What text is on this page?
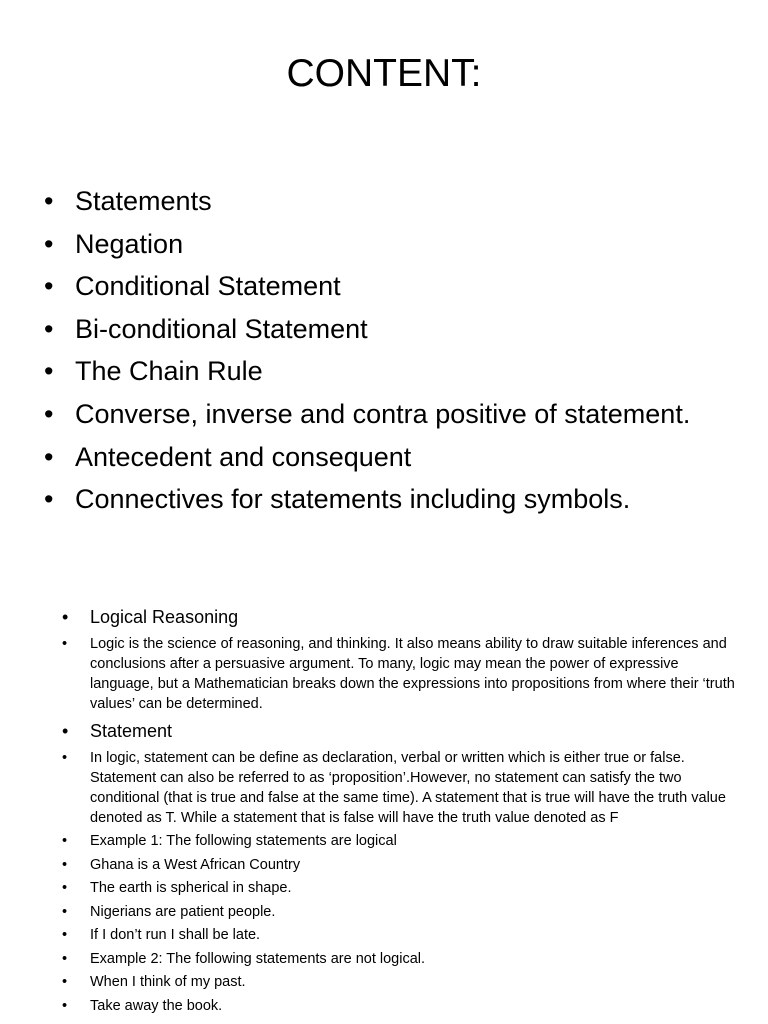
CONTENT:
• Statements
• Negation
• Conditional Statement
• Bi-conditional Statement
• The Chain Rule
• Converse, inverse and contra positive of statement.
• Antecedent and consequent
• Connectives for statements including symbols.
• Logical Reasoning
• Logic is the science of reasoning, and thinking. It also means ability to draw suitable inferences and conclusions after a persuasive argument. To many, logic may mean the power of expressive language, but a Mathematician breaks down the expressions into propositions from where their ‘truth values’ can be determined.
• Statement
• In logic, statement can be define as declaration, verbal or written which is either true or false. Statement can also be referred to as ‘proposition’.However, no statement can satisfy the two conditional (that is true and false at the same time). A statement that is true will have the truth value denoted as T. While a statement that is false will have the truth value denoted as F
• Example 1: The following statements are logical
• Ghana is a West African Country
• The earth is spherical in shape.
• Nigerians are patient people.
• If I don’t run I shall be late.
• Example 2: The following statements are not logical.
• When I think of my past.
• Take away the book.
